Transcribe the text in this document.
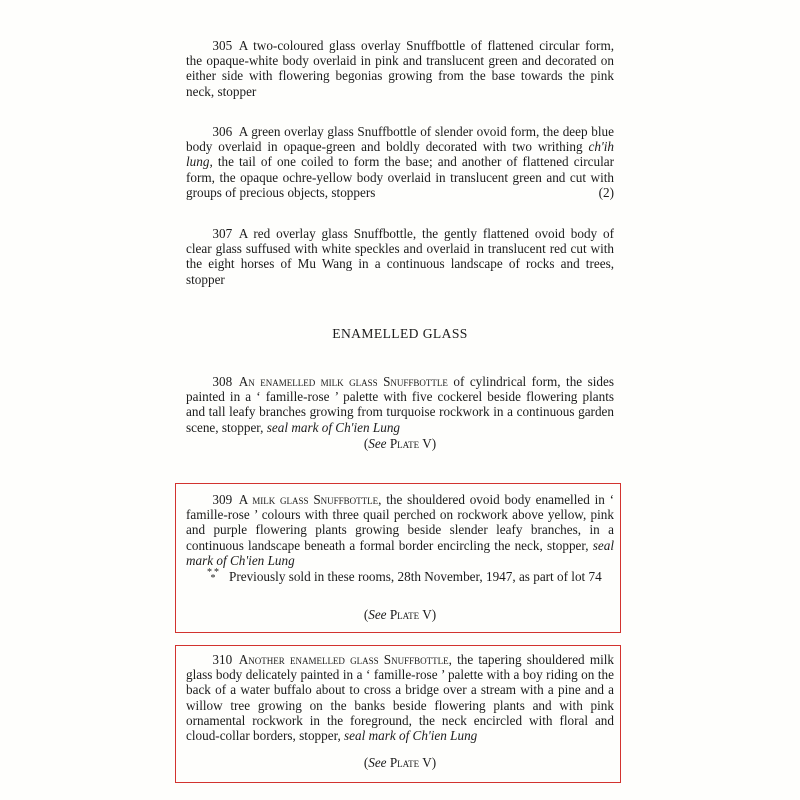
  305  A two-coloured glass overlay Snuffbottle of flattened circular form, the opaque-white body overlaid in pink and translucent green and decorated on either side with flowering begonias growing from the base towards the pink neck, stopper
  306  A green overlay glass Snuffbottle of slender ovoid form, the deep blue body overlaid in opaque-green and boldly decorated with two writhing ch'ih lung, the tail of one coiled to form the base; and another of flattened circular form, the opaque ochre-yellow body overlaid in translucent green and cut with groups of precious objects, stoppers	(2)
  307  A red overlay glass Snuffbottle, the gently flattened ovoid body of clear glass suffused with white speckles and overlaid in translucent red cut with the eight horses of Mu Wang in a continuous landscape of rocks and trees, stopper
ENAMELLED GLASS
  308  An enamelled milk glass Snuffbottle of cylindrical form, the sides painted in a ‘ famille-rose ’ palette with five cockerel beside flowering plants and tall leafy branches growing from turquoise rockwork in a continuous garden scene, stopper, seal mark of Ch'ien Lung
(See Plate V)
  309  A milk glass Snuffbottle, the shouldered ovoid body enamelled in ‘ famille-rose ’ colours with three quail perched on rockwork above yellow, pink and purple flowering plants growing beside slender leafy branches, in a continuous landscape beneath a formal border encircling the neck, stopper, seal mark of Ch'ien Lung
*  *
*	Previously sold in these rooms, 28th November, 1947, as part of lot 74
(See Plate V)
  310  Another enamelled glass Snuffbottle, the tapering shouldered milk glass body delicately painted in a ‘ famille-rose ’ palette with a boy riding on the back of a water buffalo about to cross a bridge over a stream with a pine and a willow tree growing on the banks beside flowering plants and with pink ornamental rockwork in the foreground, the neck encircled with floral and cloud-collar borders, stopper, seal mark of Ch'ien Lung
(See Plate V)
